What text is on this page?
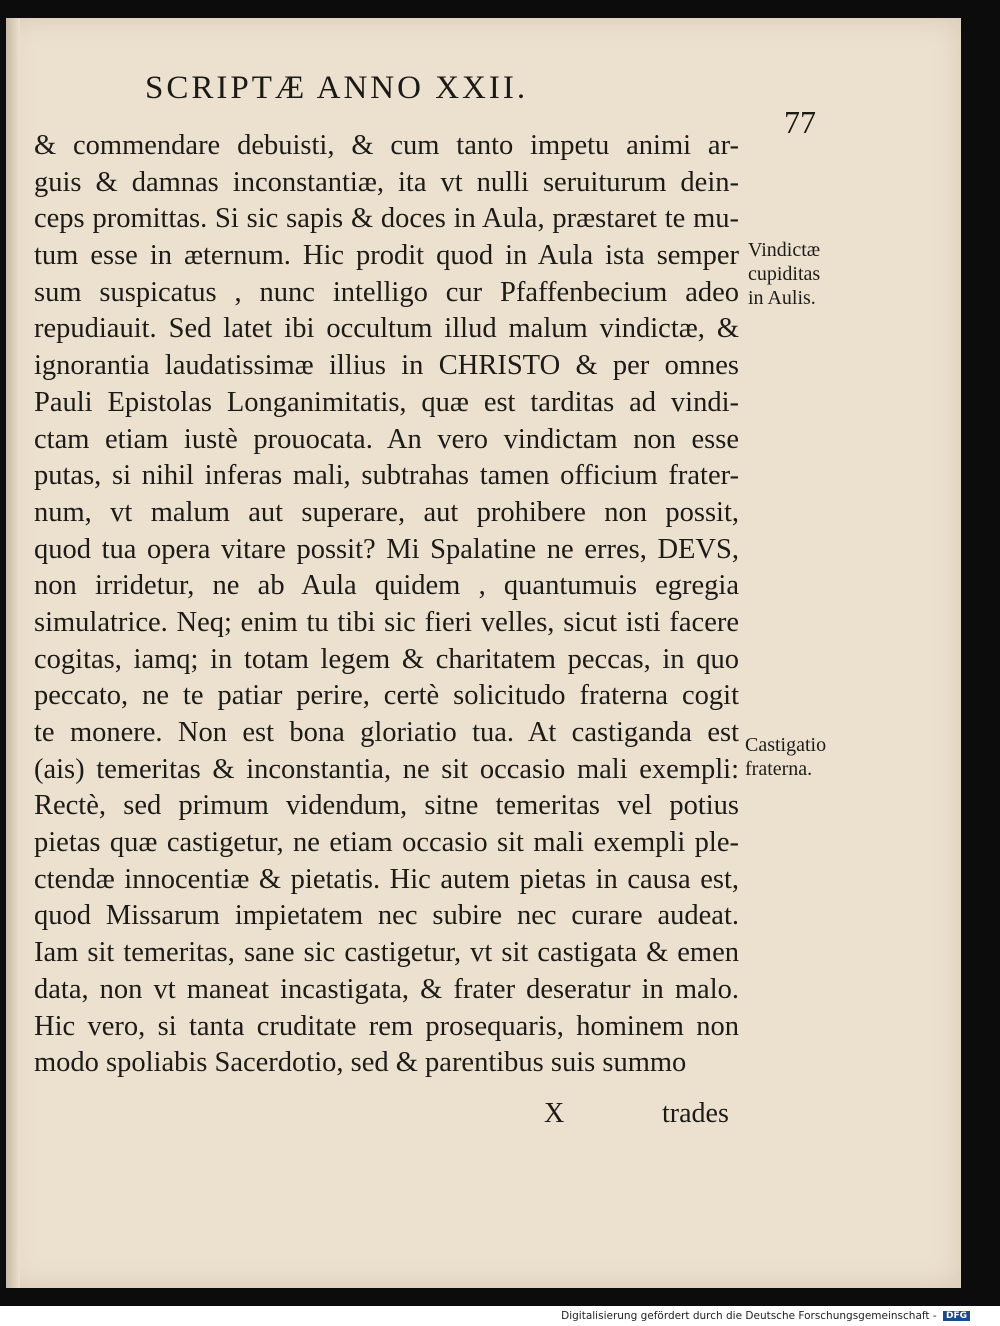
SCRIPTÆ ANNO XXII.
77
& commendare debuisti, & cum tanto impetu animi ar-
guis & damnas inconstantiæ, ita vt nulli seruiturum dein-
ceps promittas. Si sic sapis & doces in Aula, præstaret te mu-
tum esse in æternum. Hic prodit quod in Aula ista semper
sum suspicatus , nunc intelligo cur Pfaffenbecium adeo
repudiauit. Sed latet ibi occultum illud malum vindictæ, &
ignorantia laudatissimæ illius in CHRISTO & per omnes
Pauli Epistolas Longanimitatis, quæ est tarditas ad vindi-
ctam etiam iustè prouocata. An vero vindictam non esse
putas, si nihil inferas mali, subtrahas tamen officium frater-
num, vt malum aut superare, aut prohibere non possit,
quod tua opera vitare possit? Mi Spalatine ne erres, DEVS,
non irridetur, ne ab Aula quidem , quantumuis egregia
simulatrice. Neq; enim tu tibi sic fieri velles, sicut isti facere
cogitas, iamq; in totam legem & charitatem peccas, in quo
peccato, ne te patiar perire, certè solicitudo fraterna cogit
te monere. Non est bona gloriatio tua. At castiganda est
(ais) temeritas & inconstantia, ne sit occasio mali exempli:
Rectè, sed primum videndum, sitne temeritas vel potius
pietas quæ castigetur, ne etiam occasio sit mali exempli ple-
ctendæ innocentiæ & pietatis. Hic autem pietas in causa est,
quod Missarum impietatem nec subire nec curare audeat.
Iam sit temeritas, sane sic castigetur, vt sit castigata & emen
data, non vt maneat incastigata, & frater deseratur in malo.
Hic vero, si tanta cruditate rem prosequaris, hominem non
modo spoliabis Sacerdotio, sed & parentibus suis summo
Vindictæ
cupiditas
in Aulis.
Castigatio
fraterna.
X	trades
Digitalisierung gefördert durch die Deutsche Forschungsgemeinschaft - DFG
